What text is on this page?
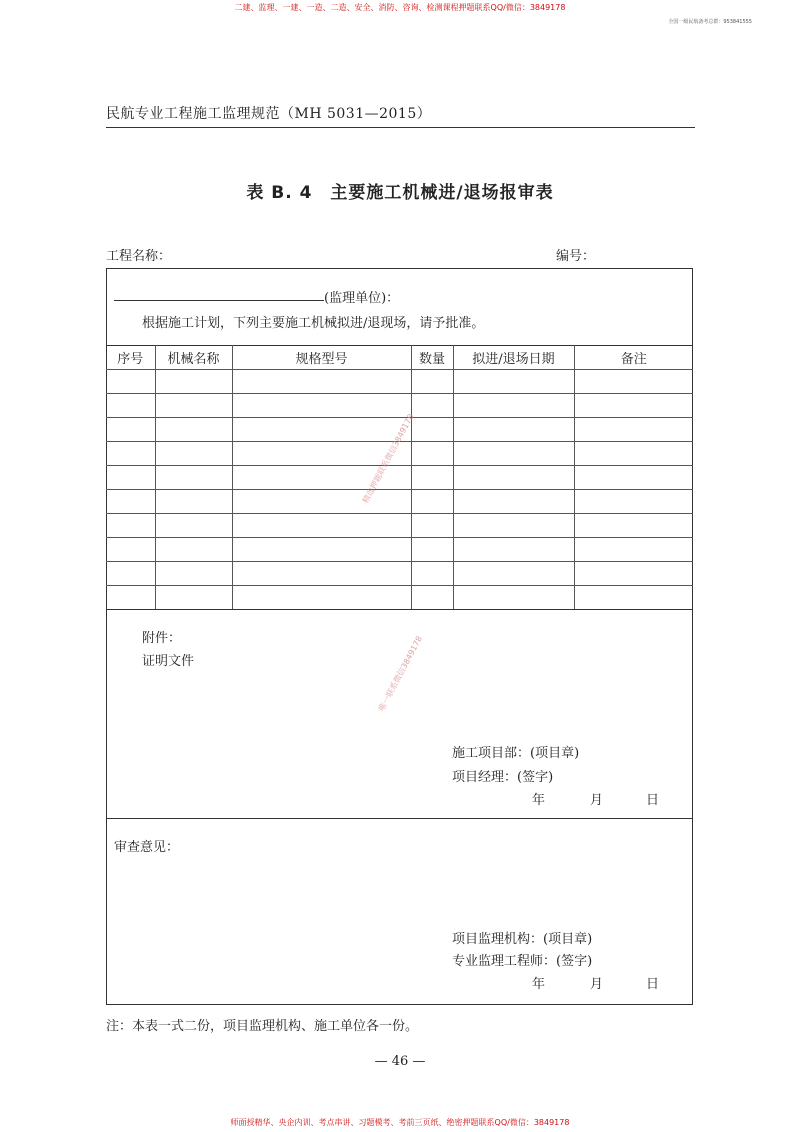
二建、监理、一建、一造、二造、安全、消防、咨询、检测课程押题联系QQ/微信：3849178
全国一级民航备考总群：953841555
民航专业工程施工监理规范（MH 5031—2015）
表 B. 4　主要施工机械进/退场报审表
工程名称：	编号：
(监理单位)：
根据施工计划，下列主要施工机械拟进/退现场，请予批准。
序号	机械名称	规格型号	数量	拟进/退场日期	备注

附件：
证明文件
施工项目部：(项目章)
项目经理：(签字)
年	月	日
审查意见：
项目监理机构：(项目章)
专业监理工程师：(签字)
年	月	日
注：本表一式二份，项目监理机构、施工单位各一份。
— 46 —
精选押题联系微信3849178
唯一联系微信3849178
师面授精华、央企内训、考点串讲、习题模考、考前三页纸、绝密押题联系QQ/微信：3849178
